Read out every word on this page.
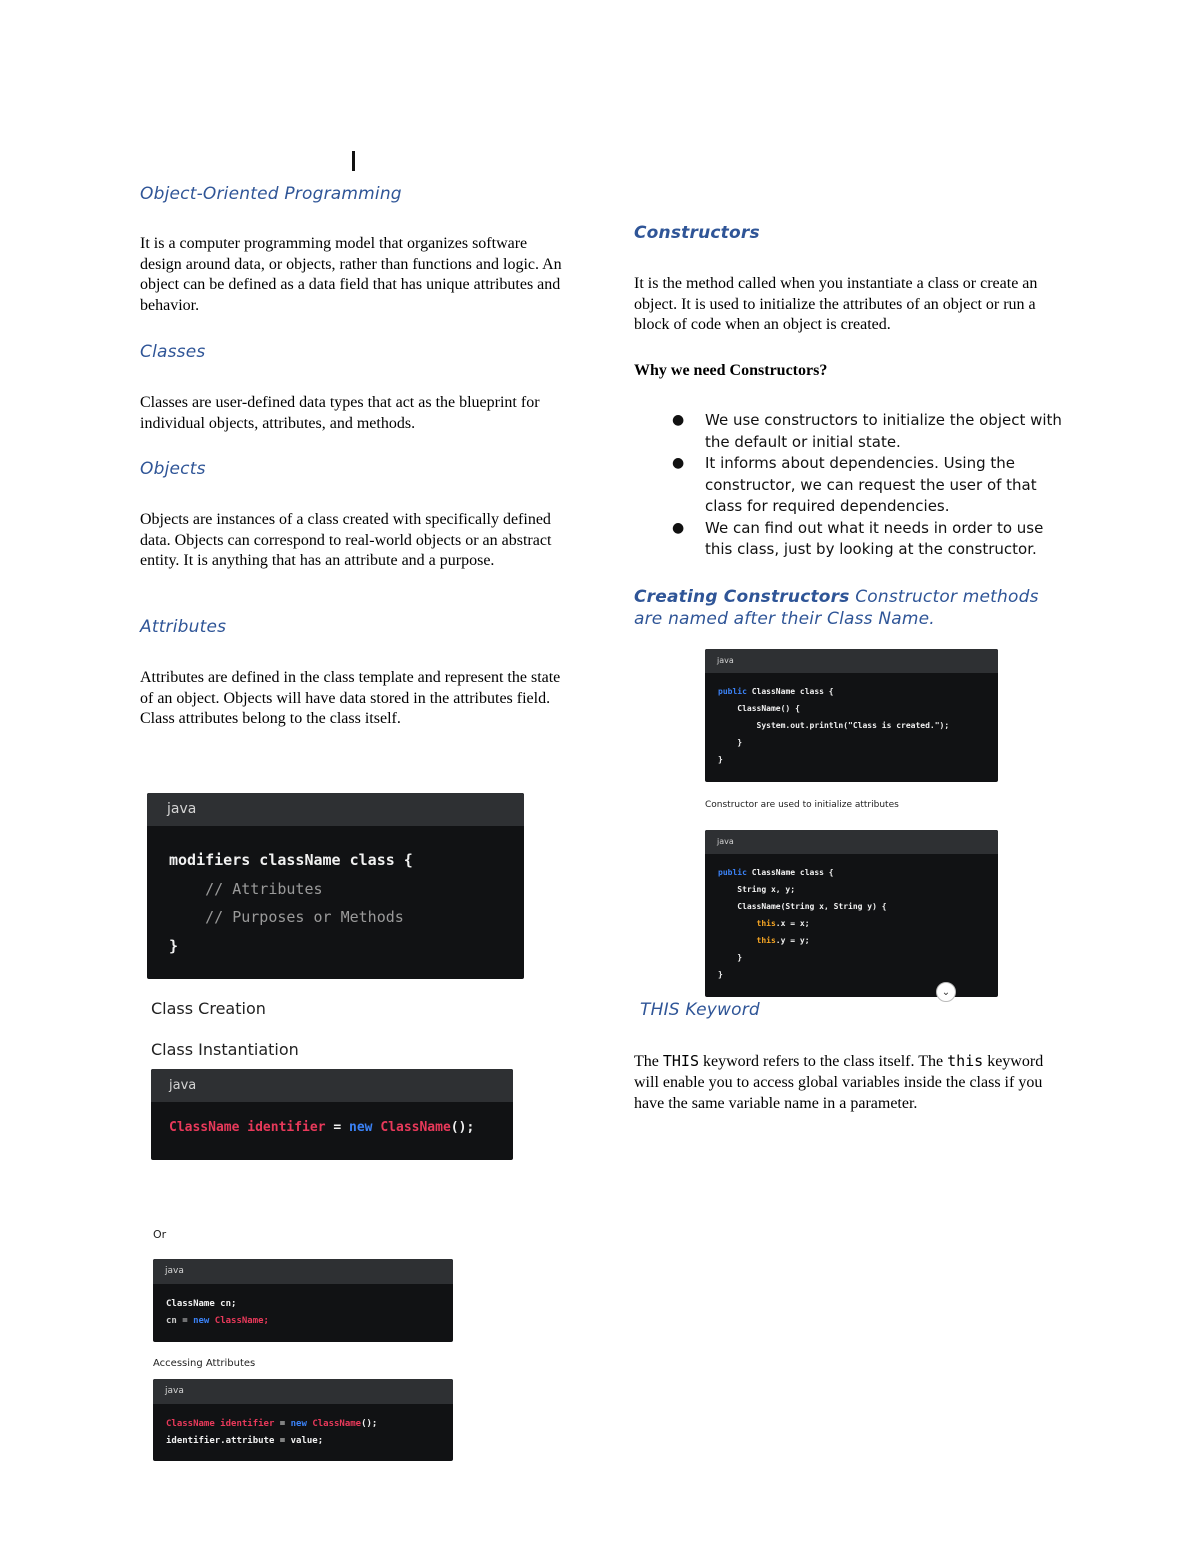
Object-Oriented Programming

It is a computer programming model that organizes software design around data, or objects, rather than functions and logic. An object can be defined as a data field that has unique attributes and behavior.

Classes

Classes are user-defined data types that act as the blueprint for individual objects, attributes, and methods.

Objects

Objects are instances of a class created with specifically defined data. Objects can correspond to real-world objects or an abstract entity. It is anything that has an attribute and a purpose.

Attributes

Attributes are defined in the class template and represent the state of an object. Objects will have data stored in the attributes field. Class attributes belong to the class itself.

java
modifiers className class {
// Attributes
// Purposes or Methods
}
Class Creation
Class Instantiation
java
ClassName identifier = new ClassName();
Or
java
ClassName cn;
cn = new ClassName;
Accessing Attributes
java
ClassName identifier = new ClassName();
identifier.attribute = value;
Constructors

It is the method called when you instantiate a class or create an object. It is used to initialize the attributes of an object or run a block of code when an object is created.

Why we need Constructors?
● We use constructors to initialize the object with the default or initial state.
● It informs about dependencies. Using the constructor, we can request the user of that class for required dependencies.
● We can find out what it needs in order to use this class, just by looking at the constructor.
Creating Constructors Constructor methods are named after their Class Name.
java
public ClassName class {
ClassName() {
System.out.println("Class is created.");
}
}
Constructor are used to initialize attributes
java
public ClassName class {
String x, y;
ClassName(String x, String y) {
this.x = x;
this.y = y;
}
}
⌄
THIS Keyword

The THIS keyword refers to the class itself. The this keyword will enable you to access global variables inside the class if you have the same variable name in a parameter.
